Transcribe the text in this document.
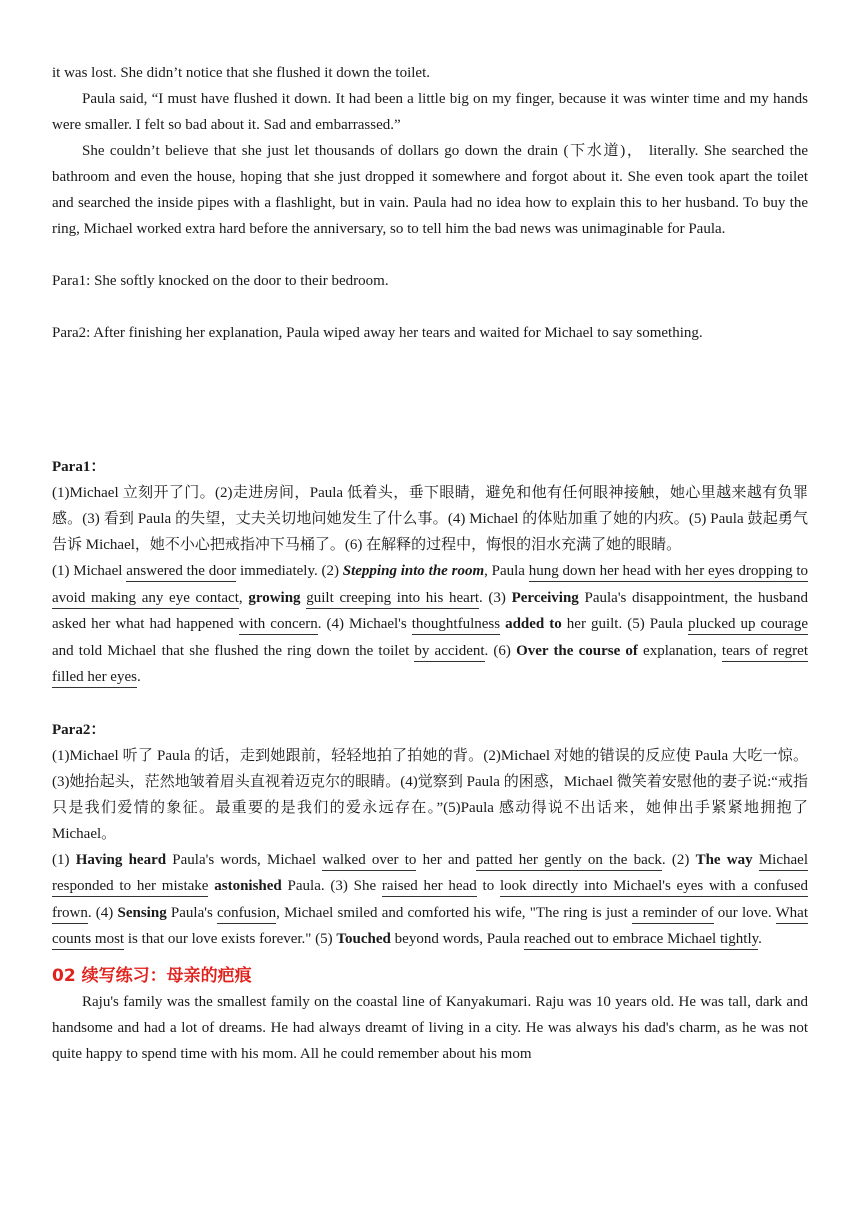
it was lost. She didn’t notice that she flushed it down the toilet.

Paula said, “I must have flushed it down. It had been a little big on my finger, because it was winter time and my hands were smaller. I felt so bad about it. Sad and embarrassed.”

She couldn’t believe that she just let thousands of dollars go down the drain (下水道)， literally. She searched the bathroom and even the house, hoping that she just dropped it somewhere and forgot about it. She even took apart the toilet and searched the inside pipes with a flashlight, but in vain. Paula had no idea how to explain this to her husband. To buy the ring, Michael worked extra hard before the anniversary, so to tell him the bad news was unimaginable for Paula.

Para1: She softly knocked on the door to their bedroom.

Para2: After finishing her explanation, Paula wiped away her tears and waited for Michael to say something.

Para1：

(1)Michael 立刻开了门。(2)走进房间，Paula 低着头，垂下眼睛，避免和他有任何眼神接触，她心里越来越有负罪感。(3) 看到 Paula 的失望，丈夫关切地问她发生了什么事。(4) Michael 的体贴加重了她的内疚。(5) Paula 鼓起勇气告诉 Michael，她不小心把戒指冲下马桶了。(6) 在解释的过程中，悔恨的泪水充满了她的眼睛。

(1) Michael answered the door immediately. (2) Stepping into the room, Paula hung down her head with her eyes dropping to avoid making any eye contact, growing guilt creeping into his heart. (3) Perceiving Paula's disappointment, the husband asked her what had happened with concern. (4) Michael's thoughtfulness added to her guilt. (5) Paula plucked up courage and told Michael that she flushed the ring down the toilet by accident. (6) Over the course of explanation, tears of regret filled her eyes.

Para2：

(1)Michael 听了 Paula 的话，走到她跟前，轻轻地拍了拍她的背。(2)Michael 对她的错误的反应使 Paula 大吃一惊。(3)她抬起头，茫然地皱着眉头直视着迈克尔的眼睛。(4)觉察到 Paula 的困惑，Michael 微笑着安慰他的妻子说:“戒指只是我们爱情的象征。最重要的是我们的爱永远存在。”(5)Paula 感动得说不出话来，她伸出手紧紧地拥抱了 Michael。

(1) Having heard Paula's words, Michael walked over to her and patted her gently on the back. (2) The way Michael responded to her mistake astonished Paula. (3) She raised her head to look directly into Michael's eyes with a confused frown. (4) Sensing Paula's confusion, Michael smiled and comforted his wife, "The ring is just a reminder of our love. What counts most is that our love exists forever." (5) Touched beyond words, Paula reached out to embrace Michael tightly.

02 续写练习：母亲的疤痕

Raju's family was the smallest family on the coastal line of Kanyakumari. Raju was 10 years old. He was tall, dark and handsome and had a lot of dreams. He had always dreamt of living in a city. He was always his dad's charm, as he was not quite happy to spend time with his mom. All he could remember about his mom
